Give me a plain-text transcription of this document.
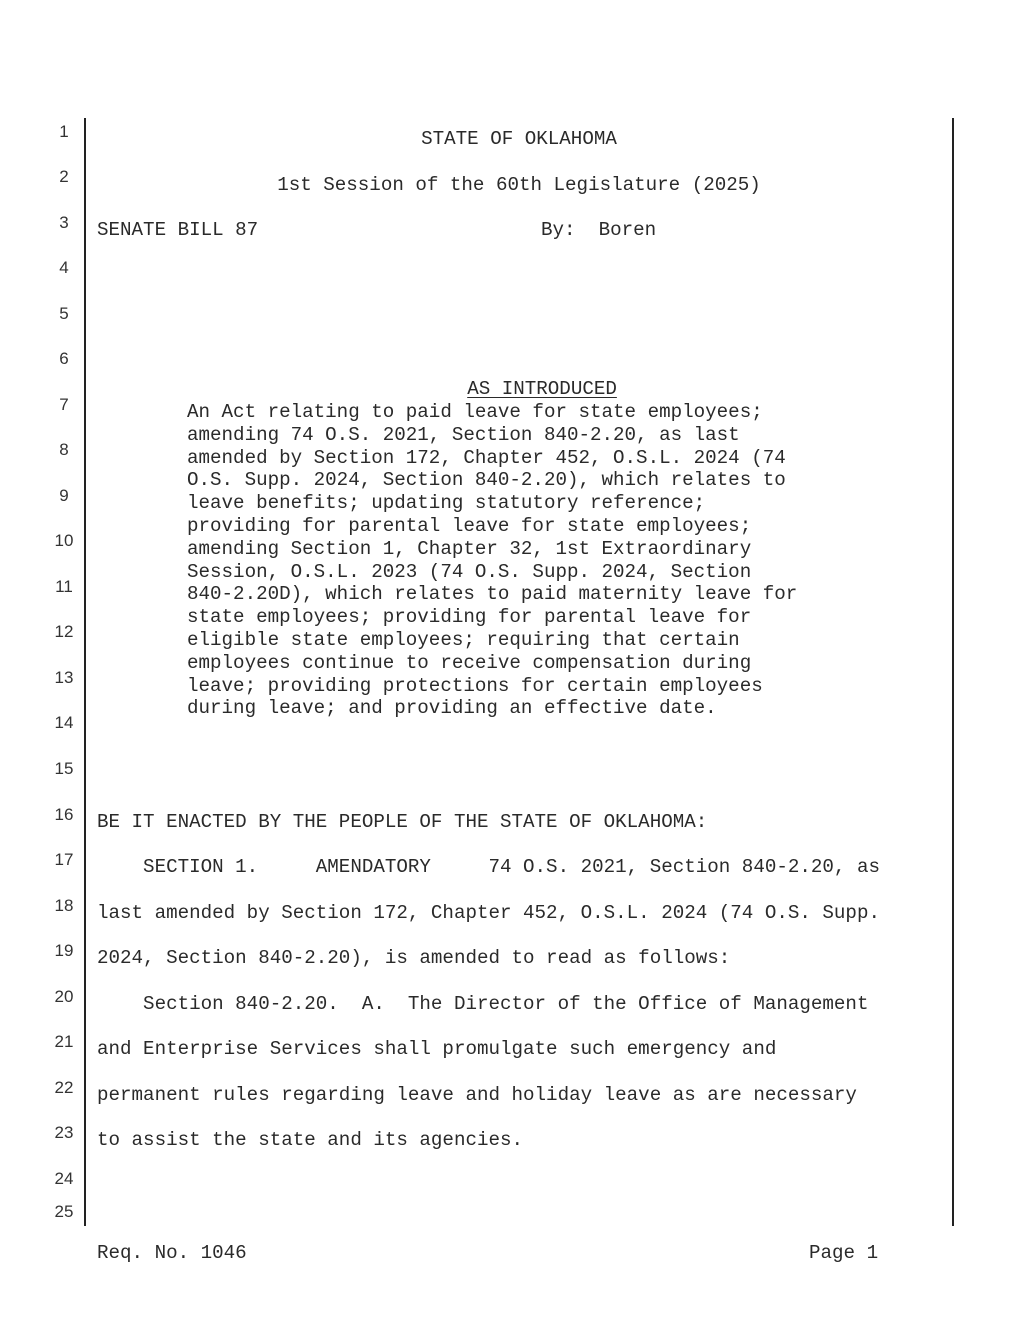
1
2
3
4
5
6
7
8
9
10
11
12
13
14
15
16
17
18
19
20
21
22
23
24
25
STATE OF OKLAHOMA
1st Session of the 60th Legislature (2025)
SENATE BILL 87	By:  Boren

AS INTRODUCED

An Act relating to paid leave for state employees;
amending 74 O.S. 2021, Section 840-2.20, as last
amended by Section 172, Chapter 452, O.S.L. 2024 (74
O.S. Supp. 2024, Section 840-2.20), which relates to
leave benefits; updating statutory reference;
providing for parental leave for state employees;
amending Section 1, Chapter 32, 1st Extraordinary
Session, O.S.L. 2023 (74 O.S. Supp. 2024, Section
840-2.20D), which relates to paid maternity leave for
state employees; providing for parental leave for
eligible state employees; requiring that certain
employees continue to receive compensation during
leave; providing protections for certain employees
during leave; and providing an effective date.
BE IT ENACTED BY THE PEOPLE OF THE STATE OF OKLAHOMA:
SECTION 1.     AMENDATORY     74 O.S. 2021, Section 840-2.20, as
last amended by Section 172, Chapter 452, O.S.L. 2024 (74 O.S. Supp.
2024, Section 840-2.20), is amended to read as follows:
Section 840-2.20.  A.  The Director of the Office of Management
and Enterprise Services shall promulgate such emergency and
permanent rules regarding leave and holiday leave as are necessary
to assist the state and its agencies.
Req. No. 1046	Page 1
